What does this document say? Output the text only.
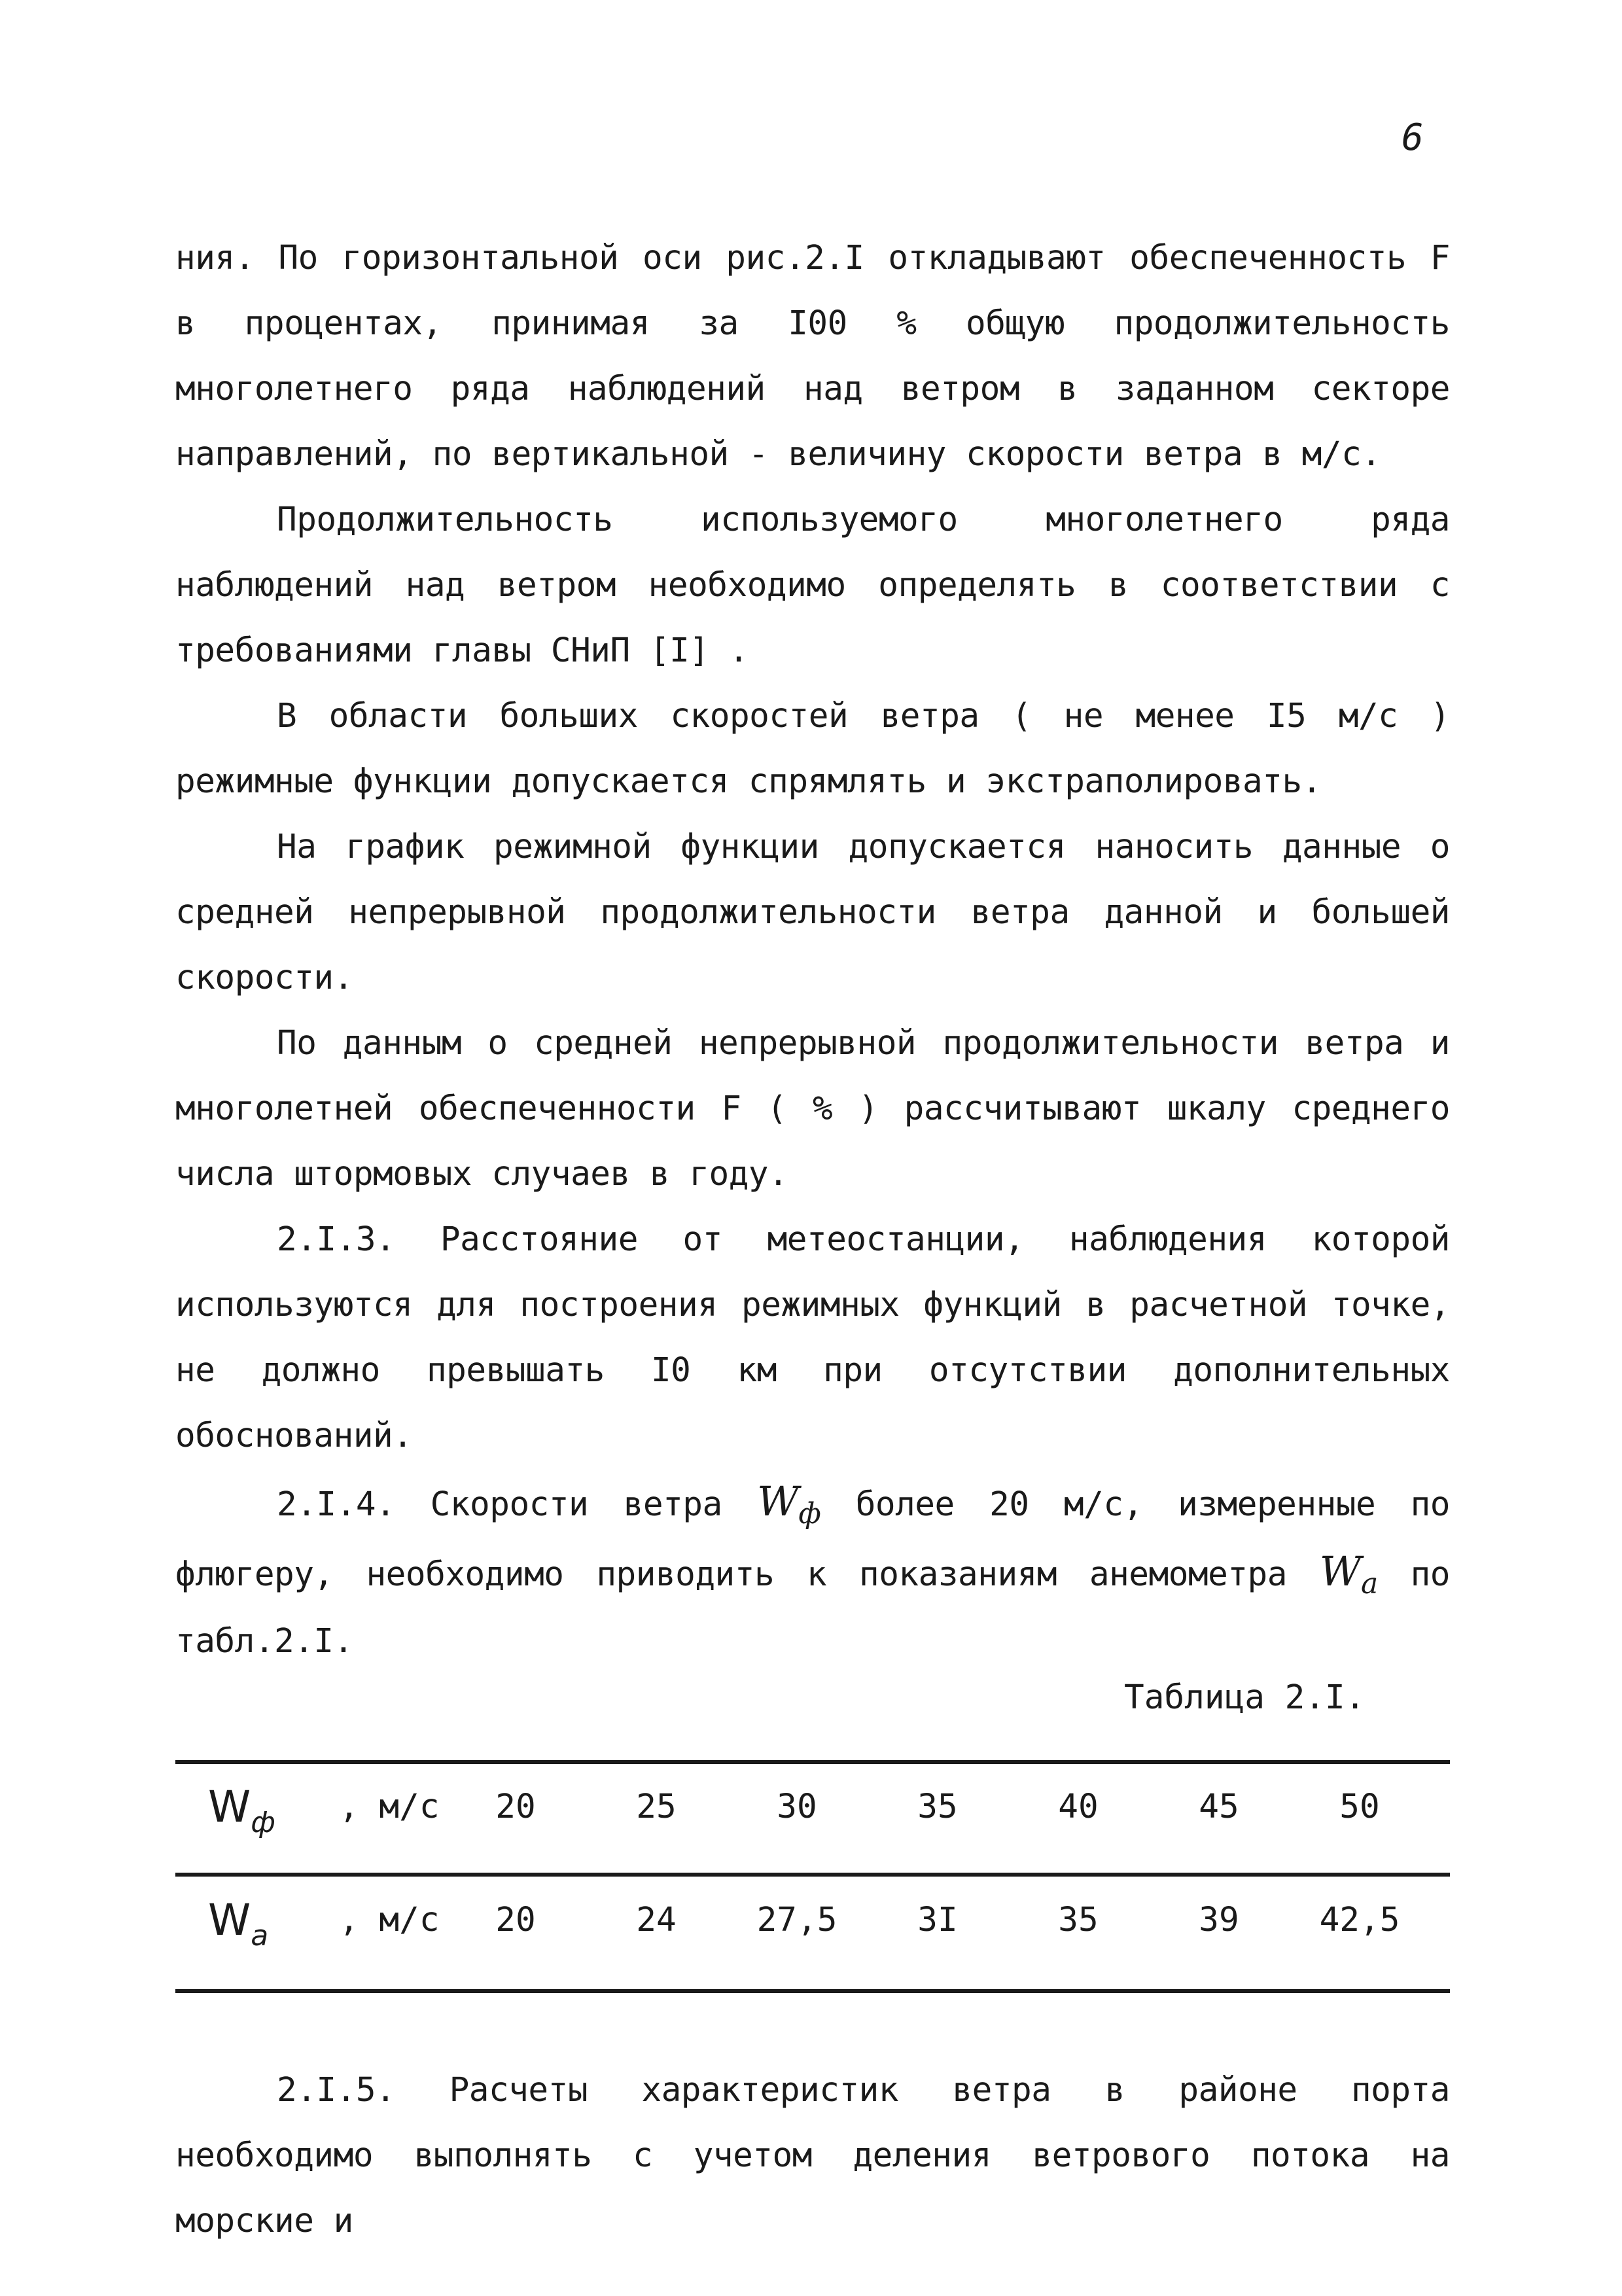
6

ния. По горизонтальной оси рис.2.I откладывают обеспеченность F в процентах, принимая за I00 % общую продолжительность многолетнего ряда наблюдений над ветром в заданном секторе направлений, по вертикальной - величину скорости ветра в м/с.

Продолжительность используемого многолетнего ряда наблюдений над ветром необходимо определять в соответствии с требованиями главы СНиП [I] .

В области больших скоростей ветра ( не менее I5 м/с ) режимные функции допускается спрямлять и экстраполировать.

На график режимной функции допускается наносить данные о средней непрерывной продолжительности ветра данной и большей скорости.

По данным о средней непрерывной продолжительности ветра и многолетней обеспеченности F ( % ) рассчитывают шкалу среднего числа штормовых случаев в году.

2.I.3. Расстояние от метеостанции, наблюдения которой используются для построения режимных функций в расчетной точке, не должно превышать I0 км при отсутствии дополнительных обоснований.

2.I.4. Скорости ветра Wф более 20 м/с, измеренные по флюгеру, необходимо приводить к показаниям анемометра Wa по табл.2.I.

Таблица 2.I.
Wф , м/с	20	25	30	35	40	45	50
Wa , м/с	20	24	27,5	3I	35	39	42,5

2.I.5. Расчеты характеристик ветра в районе порта необходимо выполнять с учетом деления ветрового потока на морские и
